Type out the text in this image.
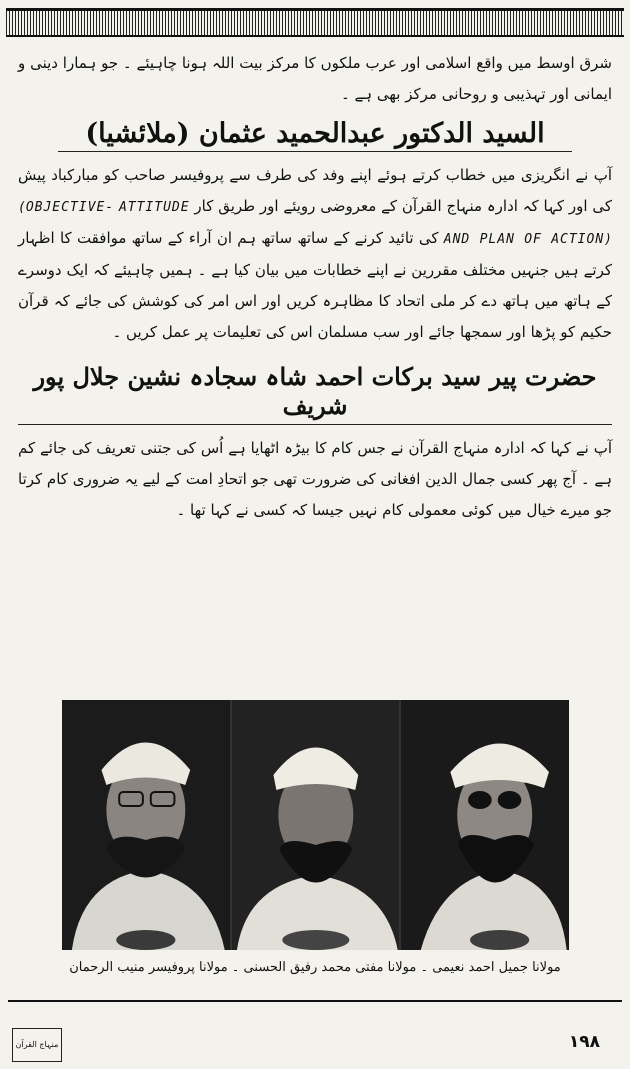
شرق اوسط میں واقع اسلامی اور عرب ملکوں کا مرکز بیت اللہ ہونا چاہیئے ۔ جو ہمارا دینی و ایمانی اور تہذیبی و روحانی مرکز بھی ہے ۔

السید الدکتور عبدالحمید عثمان (ملائشیا)

آپ نے انگریزی میں خطاب کرتے ہوئے اپنے وفد کی طرف سے پروفیسر صاحب کو مبارکباد پیش کی اور کہا کہ ادارہ منہاج القرآن کے معروضی رویئے اور طریق کار (OBJECTIVE- ATTITUDE AND PLAN OF ACTION) کی تائید کرنے کے ساتھ ساتھ ہم ان آراء کے ساتھ موافقت کا اظہار کرتے ہیں جنہیں مختلف مقررین نے اپنے خطابات میں بیان کیا ہے ۔ ہمیں چاہیئے کہ ایک دوسرے کے ہاتھ میں ہاتھ دے کر ملی اتحاد کا مظاہرہ کریں اور اس امر کی کوشش کی جائے کہ قرآن حکیم کو پڑھا اور سمجھا جائے اور سب مسلمان اس کی تعلیمات پر عمل کریں ۔

حضرت پیر سید برکات احمد شاہ سجادہ نشین جلال پور شریف

آپ نے کہا کہ ادارہ منہاج القرآن نے جس کام کا بیڑہ اٹھایا ہے اُس کی جتنی تعریف کی جائے کم ہے ۔ آج پھر کسی جمال الدین افغانی کی ضرورت تھی جو اتحادِ امت کے لیے یہ ضروری کام کرتا جو میرے خیال میں کوئی معمولی کام نہیں جیسا کہ کسی نے کہا تھا ۔

مولانا جمیل احمد نعیمی ۔ مولانا مفتی محمد رفیق الحسنی ۔ مولانا پروفیسر منیب الرحمان
منہاج القرآن	۱۹۸
